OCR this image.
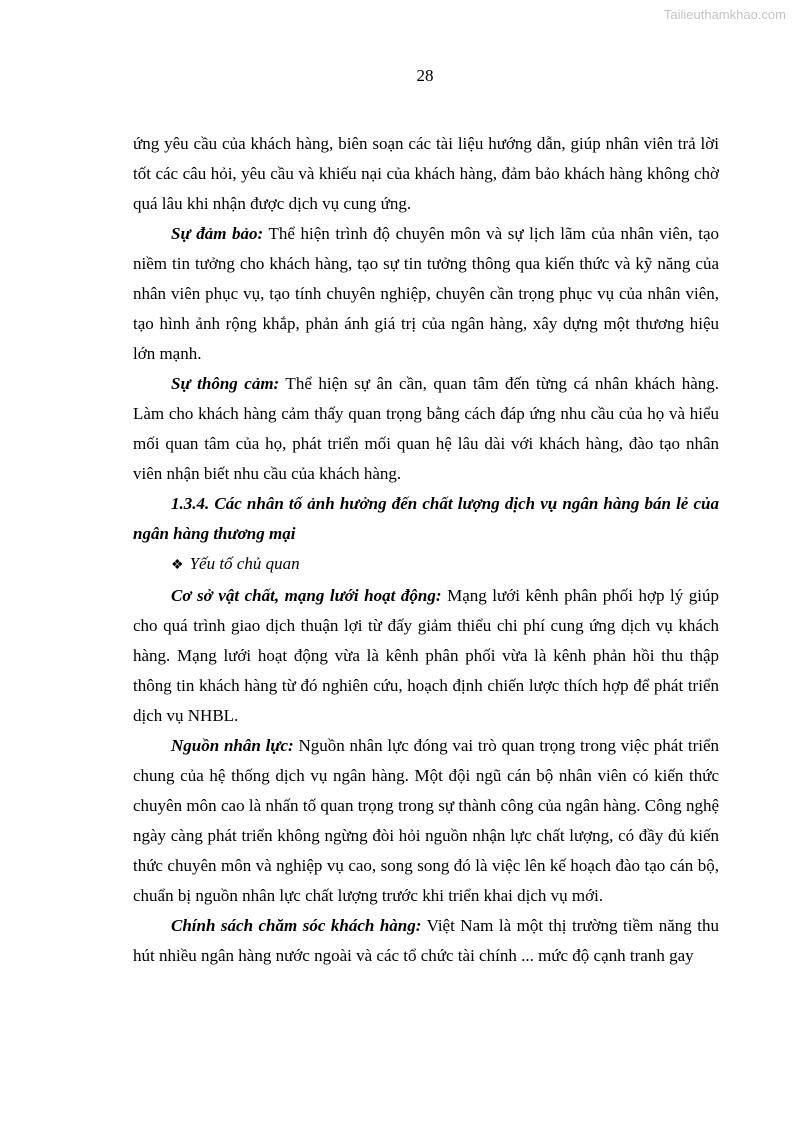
Tailieuthamkhao.com
28

ứng yêu cầu của khách hàng, biên soạn các tài liệu hướng dẫn, giúp nhân viên trả lời tốt các câu hỏi, yêu cầu và khiếu nại của khách hàng, đảm bảo khách hàng không chờ quá lâu khi nhận được dịch vụ cung ứng.

Sự đảm bảo: Thể hiện trình độ chuyên môn và sự lịch lãm của nhân viên, tạo niềm tin tưởng cho khách hàng, tạo sự tin tưởng thông qua kiến thức và kỹ năng của nhân viên phục vụ, tạo tính chuyên nghiệp, chuyên cần trọng phục vụ của nhân viên, tạo hình ảnh rộng khắp, phản ánh giá trị của ngân hàng, xây dựng một thương hiệu lớn mạnh.

Sự thông cảm: Thể hiện sự ân cần, quan tâm đến từng cá nhân khách hàng. Làm cho khách hàng cảm thấy quan trọng bằng cách đáp ứng nhu cầu của họ và hiểu mối quan tâm của họ, phát triển mối quan hệ lâu dài với khách hàng, đào tạo nhân viên nhận biết nhu cầu của khách hàng.

1.3.4. Các nhân tố ảnh hưởng đến chất lượng dịch vụ ngân hàng bán lẻ của ngân hàng thương mại

❖ Yếu tố chủ quan

Cơ sở vật chất, mạng lưới hoạt động: Mạng lưới kênh phân phối hợp lý giúp cho quá trình giao dịch thuận lợi từ đấy giảm thiểu chi phí cung ứng dịch vụ khách hàng. Mạng lưới hoạt động vừa là kênh phân phối vừa là kênh phản hồi thu thập thông tin khách hàng từ đó nghiên cứu, hoạch định chiến lược thích hợp để phát triển dịch vụ NHBL.

Nguồn nhân lực: Nguồn nhân lực đóng vai trò quan trọng trong việc phát triển chung của hệ thống dịch vụ ngân hàng. Một đội ngũ cán bộ nhân viên có kiến thức chuyên môn cao là nhấn tố quan trọng trong sự thành công của ngân hàng. Công nghệ ngày càng phát triển không ngừng đòi hỏi nguồn nhận lực chất lượng, có đầy đủ kiến thức chuyên môn và nghiệp vụ cao, song song đó là việc lên kế hoạch đào tạo cán bộ, chuẩn bị nguồn nhân lực chất lượng trước khi triển khai dịch vụ mới.

Chính sách chăm sóc khách hàng: Việt Nam là một thị trường tiềm năng thu hút nhiều ngân hàng nước ngoài và các tổ chức tài chính ... mức độ cạnh tranh gay
